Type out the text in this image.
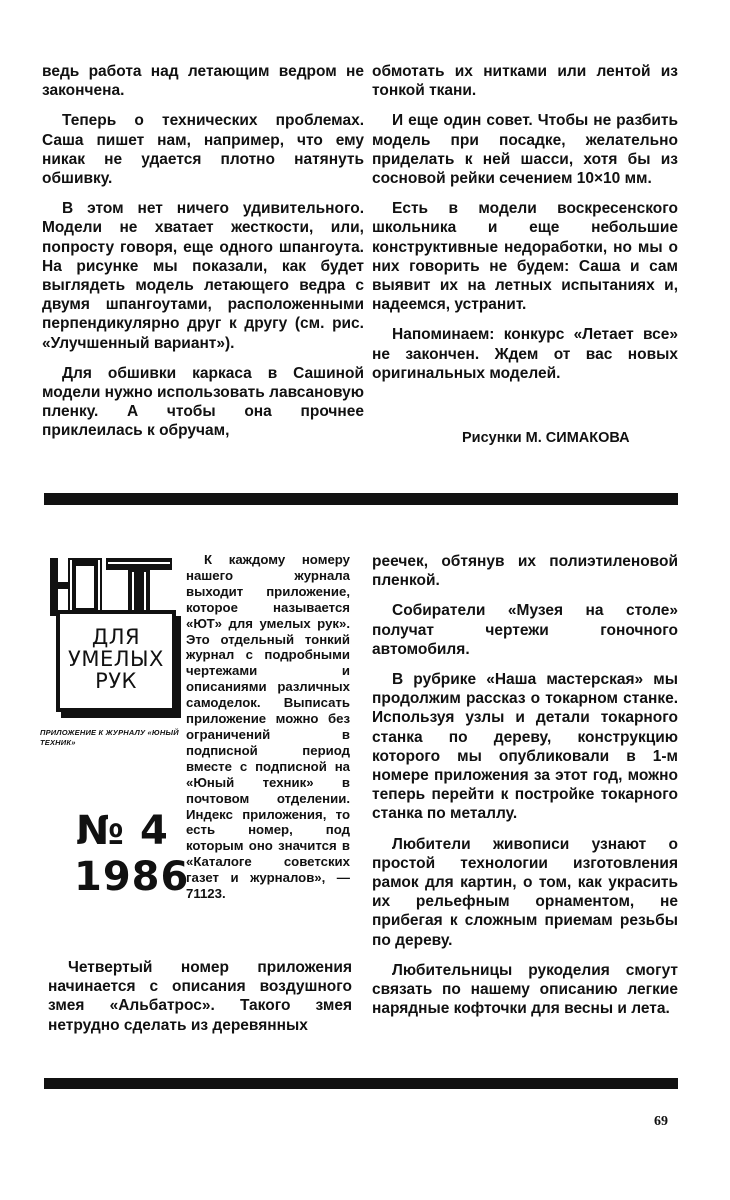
ведь работа над летающим ведром не закончена.

Теперь о технических проблемах. Саша пишет нам, например, что ему никак не удается плотно натянуть обшивку.

В этом нет ничего удивительного. Модели не хватает жесткости, или, попросту говоря, еще одного шпангоута. На рисунке мы показали, как будет выглядеть модель летающего ведра с двумя шпангоутами, расположенными перпендикулярно друг к другу (см. рис. «Улучшенный вариант»).

Для обшивки каркаса в Сашиной модели нужно использовать лавсановую пленку. А чтобы она прочнее приклеилась к обручам,

обмотать их нитками или лентой из тонкой ткани.

И еще один совет. Чтобы не разбить модель при посадке, желательно приделать к ней шасси, хотя бы из сосновой рейки сечением 10×10 мм.

Есть в модели воскресенского школьника и еще небольшие конструктивные недоработки, но мы о них говорить не будем: Саша и сам выявит их на летных испытаниях и, надеемся, устранит.

Напоминаем: конкурс «Летает все» не закончен. Ждем от вас новых оригинальных моделей.

Рисунки М. СИМАКОВА
ДЛЯ
УМЕЛЫХ
РУК
ПРИЛОЖЕНИЕ К ЖУРНАЛУ «ЮНЫЙ ТЕХНИК»
№ 4
1986

К каждому номеру нашего журнала выходит приложение, которое называется «ЮТ» для умелых рук». Это отдельный тонкий журнал с подробными чертежами и описаниями различных самоделок. Выписать приложение можно без ограничений в подписной период вместе с подписной на «Юный техник» в почтовом отделении. Индекс приложения, то есть номер, под которым оно значится в «Каталоге советских газет и журналов», — 71123.

Четвертый номер приложения начинается с описания воздушного змея «Альбатрос». Такого змея нетрудно сделать из деревянных

реечек, обтянув их полиэтиленовой пленкой.

Собиратели «Музея на столе» получат чертежи гоночного автомобиля.

В рубрике «Наша мастерская» мы продолжим рассказ о токарном станке. Используя узлы и детали токарного станка по дереву, конструкцию которого мы опубликовали в 1-м номере приложения за этот год, можно теперь перейти к постройке токарного станка по металлу.

Любители живописи узнают о простой технологии изготовления рамок для картин, о том, как украсить их рельефным орнаментом, не прибегая к сложным приемам резьбы по дереву.

Любительницы рукоделия смогут связать по нашему описанию легкие нарядные кофточки для весны и лета.

69
